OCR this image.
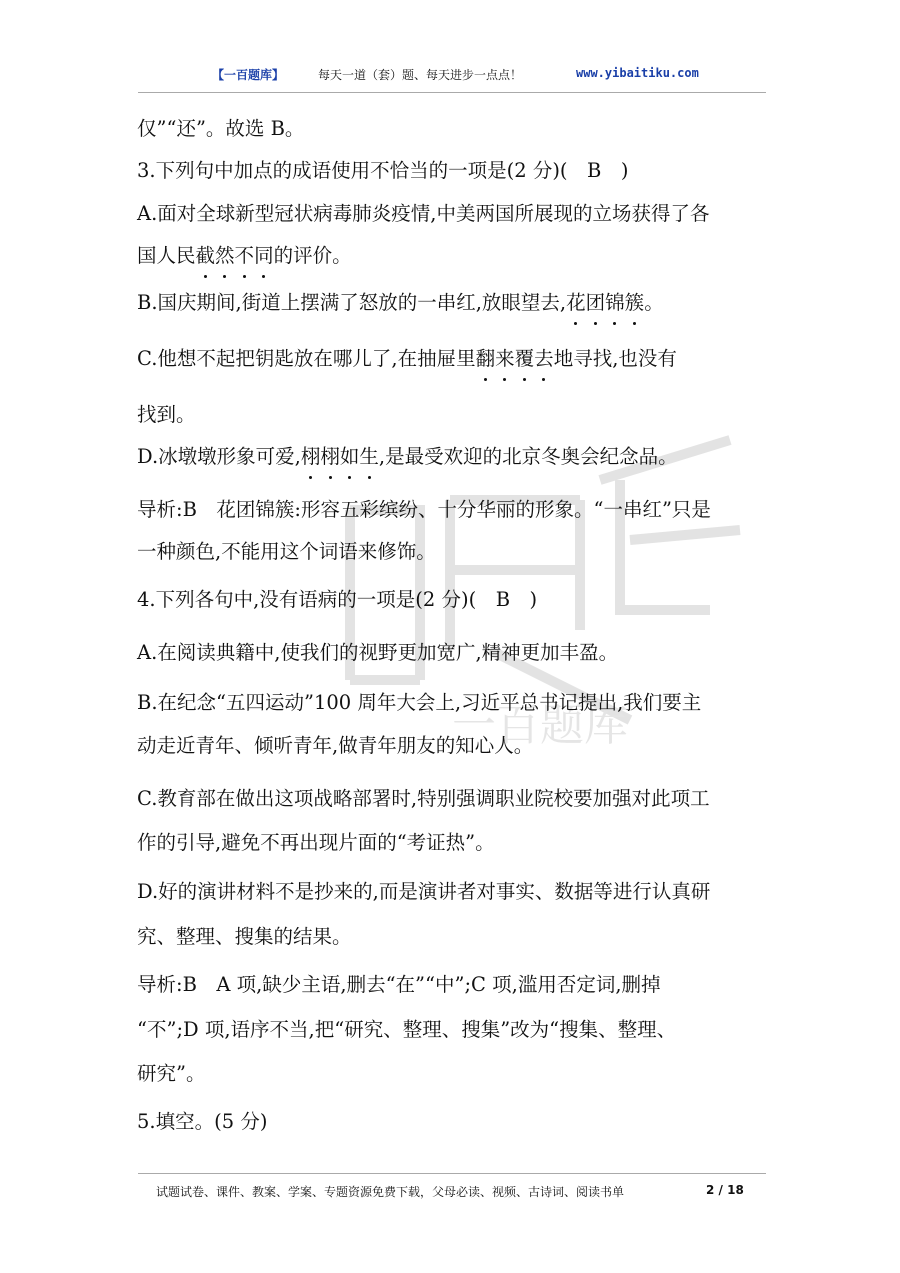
【一百题库】	每天一道（套）题、每天进步一点点！	www.yibaitiku.com
一百题库
仅”“还”。故选 B。
3.下列句中加点的成语使用不恰当的一项是(2 分)(　B　)
A.面对全球新型冠状病毒肺炎疫情,中美两国所展现的立场获得了各
国人民截然不同的评价。
B.国庆期间,街道上摆满了怒放的一串红,放眼望去,花团锦簇。
C.他想不起把钥匙放在哪儿了,在抽屉里翻来覆去地寻找,也没有
找到。
D.冰墩墩形象可爱,栩栩如生,是最受欢迎的北京冬奥会纪念品。
导析:B　花团锦簇:形容五彩缤纷、十分华丽的形象。“一串红”只是
一种颜色,不能用这个词语来修饰。
4.下列各句中,没有语病的一项是(2 分)(　B　)
A.在阅读典籍中,使我们的视野更加宽广,精神更加丰盈。
B.在纪念“五四运动”100 周年大会上,习近平总书记提出,我们要主
动走近青年、倾听青年,做青年朋友的知心人。
C.教育部在做出这项战略部署时,特别强调职业院校要加强对此项工
作的引导,避免不再出现片面的“考证热”。
D.好的演讲材料不是抄来的,而是演讲者对事实、数据等进行认真研
究、整理、搜集的结果。
导析:B　A 项,缺少主语,删去“在”“中”;C 项,滥用否定词,删掉
“不”;D 项,语序不当,把“研究、整理、搜集”改为“搜集、整理、
研究”。
5.填空。(5 分)
试题试卷、课件、教案、学案、专题资源免费下载，父母必读、视频、古诗词、阅读书单	2 / 18
